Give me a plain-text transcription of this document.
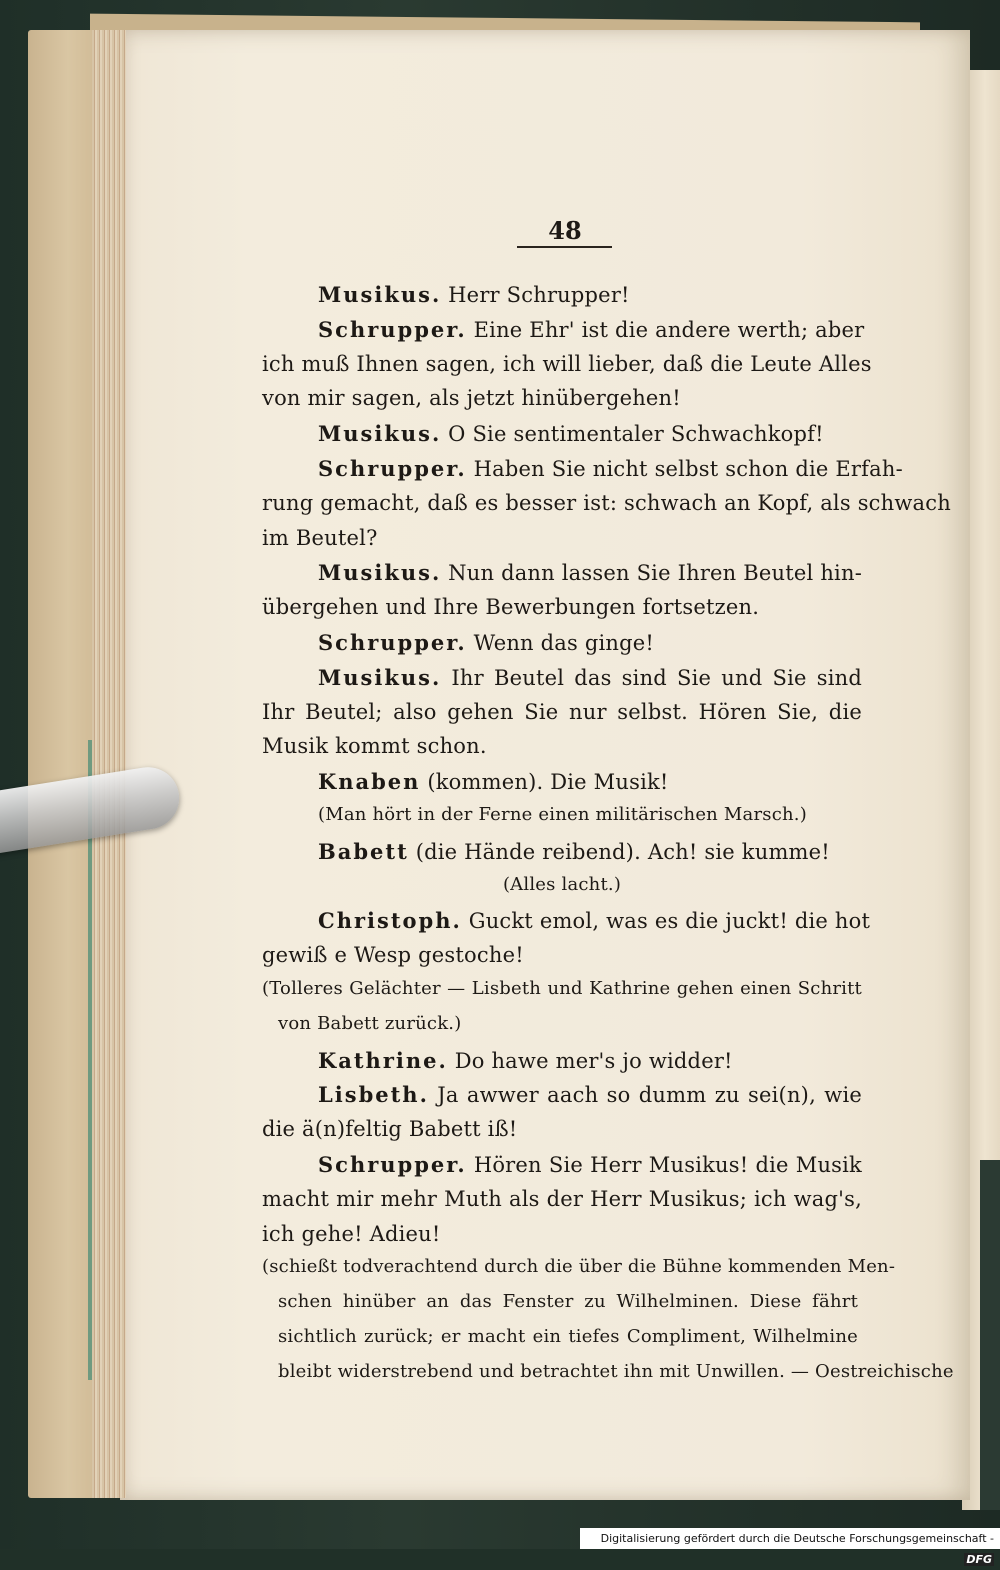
48
Musikus. Herr Schrupper!
Schrupper. Eine Ehr' ist die andere werth; aber
ich muß Ihnen sagen, ich will lieber, daß die Leute Alles
von mir sagen, als jetzt hinübergehen!
Musikus. O Sie sentimentaler Schwachkopf!
Schrupper. Haben Sie nicht selbst schon die Erfah-
rung gemacht, daß es besser ist: schwach an Kopf, als schwach
im Beutel?
Musikus. Nun dann lassen Sie Ihren Beutel hin-
übergehen und Ihre Bewerbungen fortsetzen.
Schrupper. Wenn das ginge!
Musikus. Ihr Beutel das sind Sie und Sie sind
Ihr Beutel; also gehen Sie nur selbst. Hören Sie, die
Musik kommt schon.
Knaben (kommen). Die Musik!
(Man hört in der Ferne einen militärischen Marsch.)
Babett (die Hände reibend). Ach! sie kumme!
(Alles lacht.)
Christoph. Guckt emol, was es die juckt! die hot
gewiß e Wesp gestoche!
(Tolleres Gelächter — Lisbeth und Kathrine gehen einen Schritt
von Babett zurück.)
Kathrine. Do hawe mer's jo widder!
Lisbeth. Ja awwer aach so dumm zu sei(n), wie
die ä(n)feltig Babett iß!
Schrupper. Hören Sie Herr Musikus! die Musik
macht mir mehr Muth als der Herr Musikus; ich wag's,
ich gehe! Adieu!
(schießt todverachtend durch die über die Bühne kommenden Men-
schen hinüber an das Fenster zu Wilhelminen. Diese fährt
sichtlich zurück; er macht ein tiefes Compliment, Wilhelmine
bleibt widerstrebend und betrachtet ihn mit Unwillen. — Oestreichische
Digitalisierung gefördert durch die Deutsche Forschungsgemeinschaft -DFG
